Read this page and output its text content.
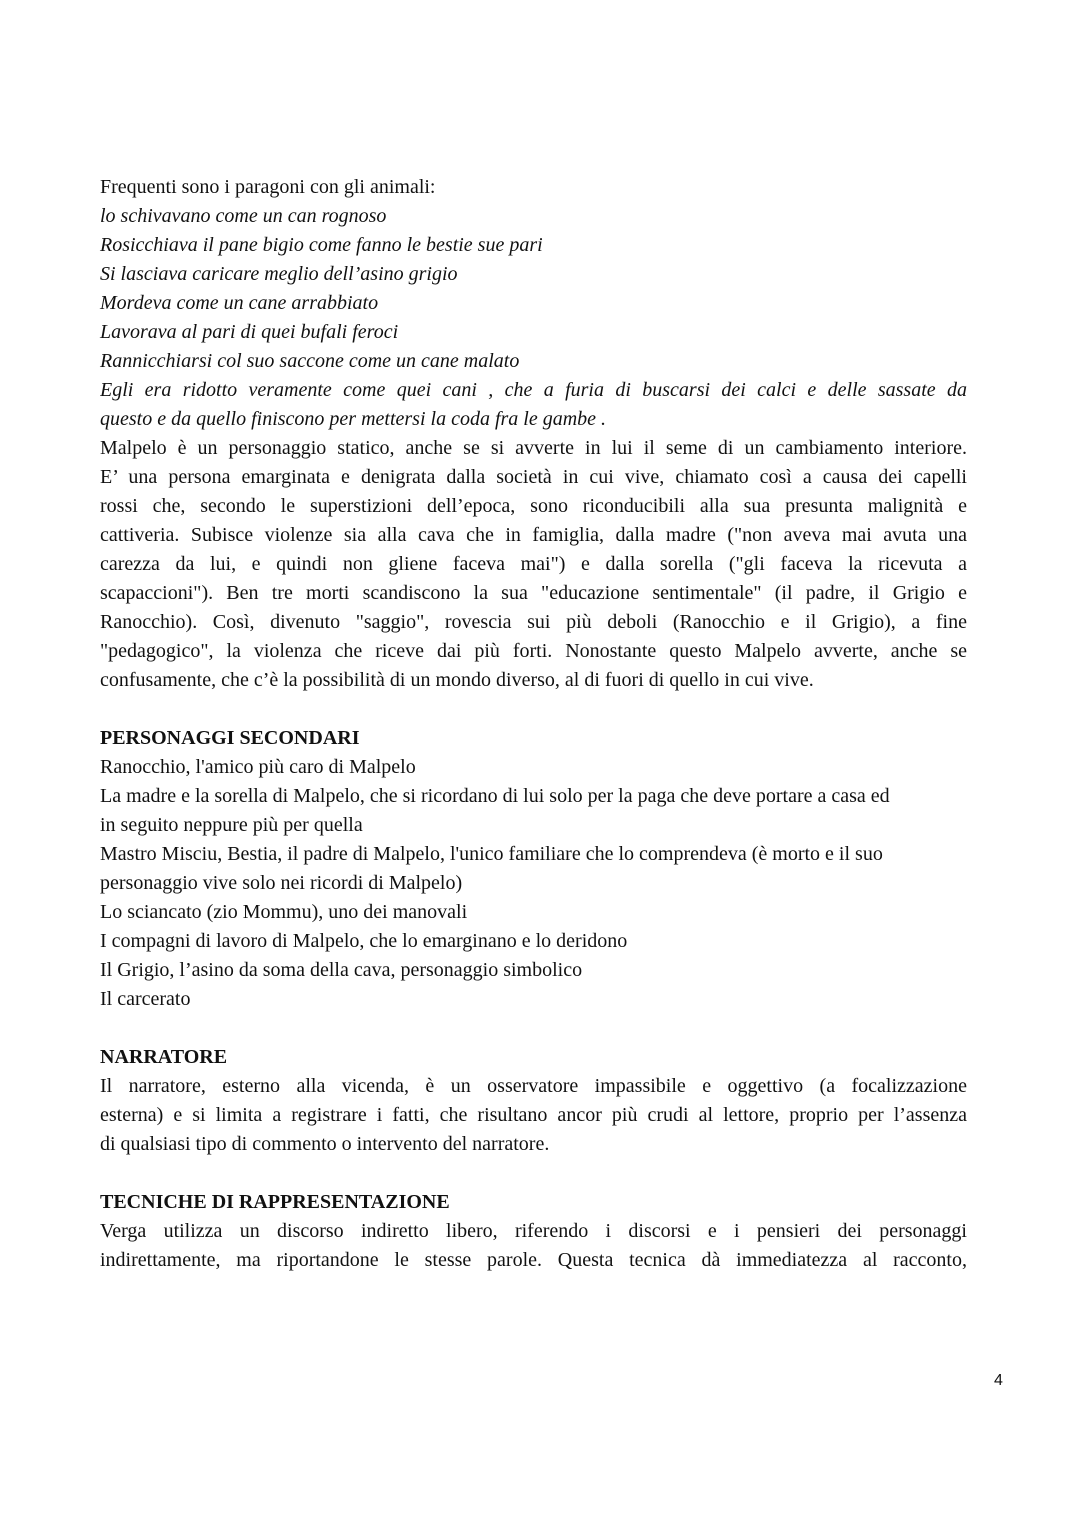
Frequenti sono i paragoni con gli animali:
lo schivavano come un can rognoso
Rosicchiava il pane bigio come fanno le bestie sue pari
Si lasciava caricare meglio dell’asino grigio
Mordeva come un cane arrabbiato
Lavorava al pari di quei bufali feroci
Rannicchiarsi col suo saccone come un cane malato
Egli era ridotto veramente come quei cani , che a furia di buscarsi dei calci e delle sassate da
questo e da quello finiscono per mettersi la coda fra le gambe .
Malpelo è un personaggio statico, anche se si avverte in lui il seme di un cambiamento interiore.
E’ una persona emarginata e denigrata dalla società in cui vive, chiamato così a causa dei capelli
rossi che, secondo le superstizioni dell’epoca, sono riconducibili alla sua presunta malignità e
cattiveria. Subisce violenze sia alla cava che in famiglia, dalla madre ("non aveva mai avuta una
carezza da lui, e quindi non gliene faceva mai") e dalla sorella ("gli faceva la ricevuta a
scapaccioni"). Ben tre morti scandiscono la sua "educazione sentimentale" (il padre, il Grigio e
Ranocchio). Così, divenuto "saggio", rovescia sui più deboli (Ranocchio e il Grigio), a fine
"pedagogico", la violenza che riceve dai più forti. Nonostante questo Malpelo avverte, anche se
confusamente, che c’è la possibilità di un mondo diverso, al di fuori di quello in cui vive.
PERSONAGGI SECONDARI
Ranocchio, l'amico più caro di Malpelo
La madre e la sorella di Malpelo, che si ricordano di lui solo per la paga che deve portare a casa ed
in seguito neppure più per quella
Mastro Misciu, Bestia, il padre di Malpelo, l'unico familiare che lo comprendeva (è morto e il suo
personaggio vive solo nei ricordi di Malpelo)
Lo sciancato (zio Mommu), uno dei manovali
I compagni di lavoro di Malpelo, che lo emarginano e lo deridono
Il Grigio, l’asino da soma della cava, personaggio simbolico
Il carcerato
NARRATORE
Il narratore, esterno alla vicenda, è un osservatore impassibile e oggettivo (a focalizzazione
esterna) e si limita a registrare i fatti, che risultano ancor più crudi al lettore, proprio per l’assenza
di qualsiasi tipo di commento o intervento del narratore.
TECNICHE DI RAPPRESENTAZIONE
Verga utilizza un discorso indiretto libero, riferendo i discorsi e i pensieri dei personaggi
indirettamente, ma riportandone le stesse parole. Questa tecnica dà immediatezza al racconto,
4
